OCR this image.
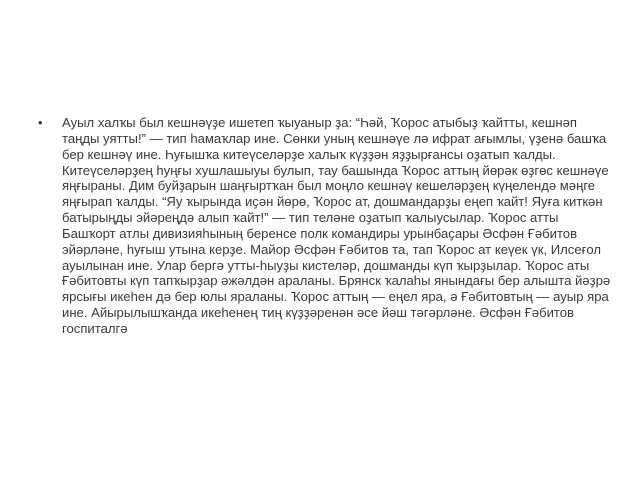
• Ауыл халҡы был кешнәүҙе ишетеп ҡыуаныр ҙа: “Һәй, Ҡорос атыбыҙ ҡайтты, кешнәп таңды уятты!” — тип һамаҡлар ине. Сөнки уның кешнәүе лә ифрат ағымлы, үҙенә башҡа бер кешнәү ине. Һуғышҡа китеүселәрҙе халыҡ күҙҙән яҙҙырғансы оҙатып ҡалды. Китеүселәрҙең һуңғы хушлашыуы булып, тау башында Ҡорос аттың йөрәк өҙгөс кешнәүе яңғыраны. Дим буйҙарын шаңғыртҡан был моңло кешнәү кешеләрҙең күңелендә мәңге яңғырап ҡалды. “Яу ҡырында иҫән йөрө, Ҡорос ат, дошмандарҙы еңеп ҡайт! Яуға киткән батырыңды эйәреңдә алып ҡайт!” — тип теләне оҙатып ҡалыусылар. Ҡорос атты Башҡорт атлы дивизияһының беренсе полк командиры урынбаҫары Әсфән Ғәбитов эйәрләне, һуғыш утына керҙе. Майор Әсфән Ғәбитов та, тап Ҡорос ат кеүек үк, Илсеғол ауылынан ине. Улар бергә утты-һыуҙы кистеләр, дошманды күп ҡырҙылар. Ҡорос аты Ғәбитовты күп тапҡырҙар әжәлдән араланы. Брянск ҡалаһы янындағы бер алышта йәҙрә ярсығы икеһен дә бер юлы яраланы. Ҡорос аттың — еңел яра, ә Ғәбитовтың — ауыр яра ине. Айырылышҡанда икеһенең тиң күҙҙәренән әсе йәш тәгәрләне. Әсфән Ғәбитов госпиталгә
